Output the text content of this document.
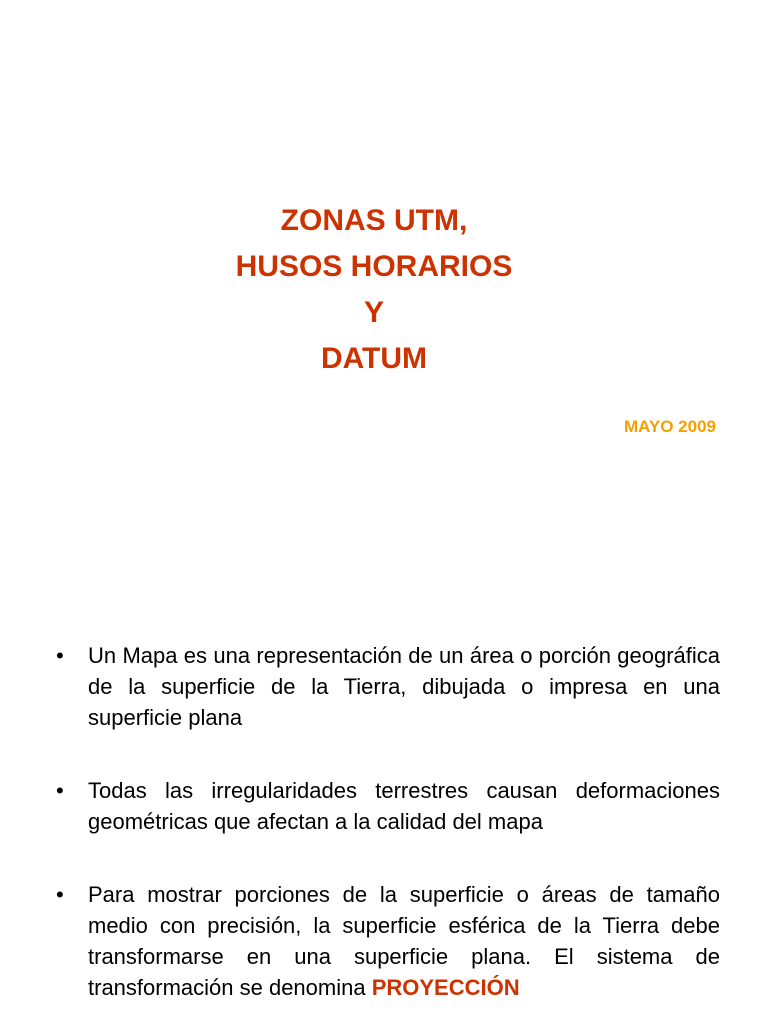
ZONAS UTM,
HUSOS HORARIOS
Y
DATUM
MAYO 2009
• Un Mapa es una representación de un área o porción geográfica de la superficie de la Tierra, dibujada o impresa en una superficie plana
• Todas las irregularidades terrestres causan deformaciones geométricas que afectan a la calidad del mapa
• Para mostrar porciones de la superficie o áreas de tamaño medio con precisión, la superficie esférica de la Tierra debe transformarse en una superficie plana. El sistema de transformación se denomina PROYECCIÓN
